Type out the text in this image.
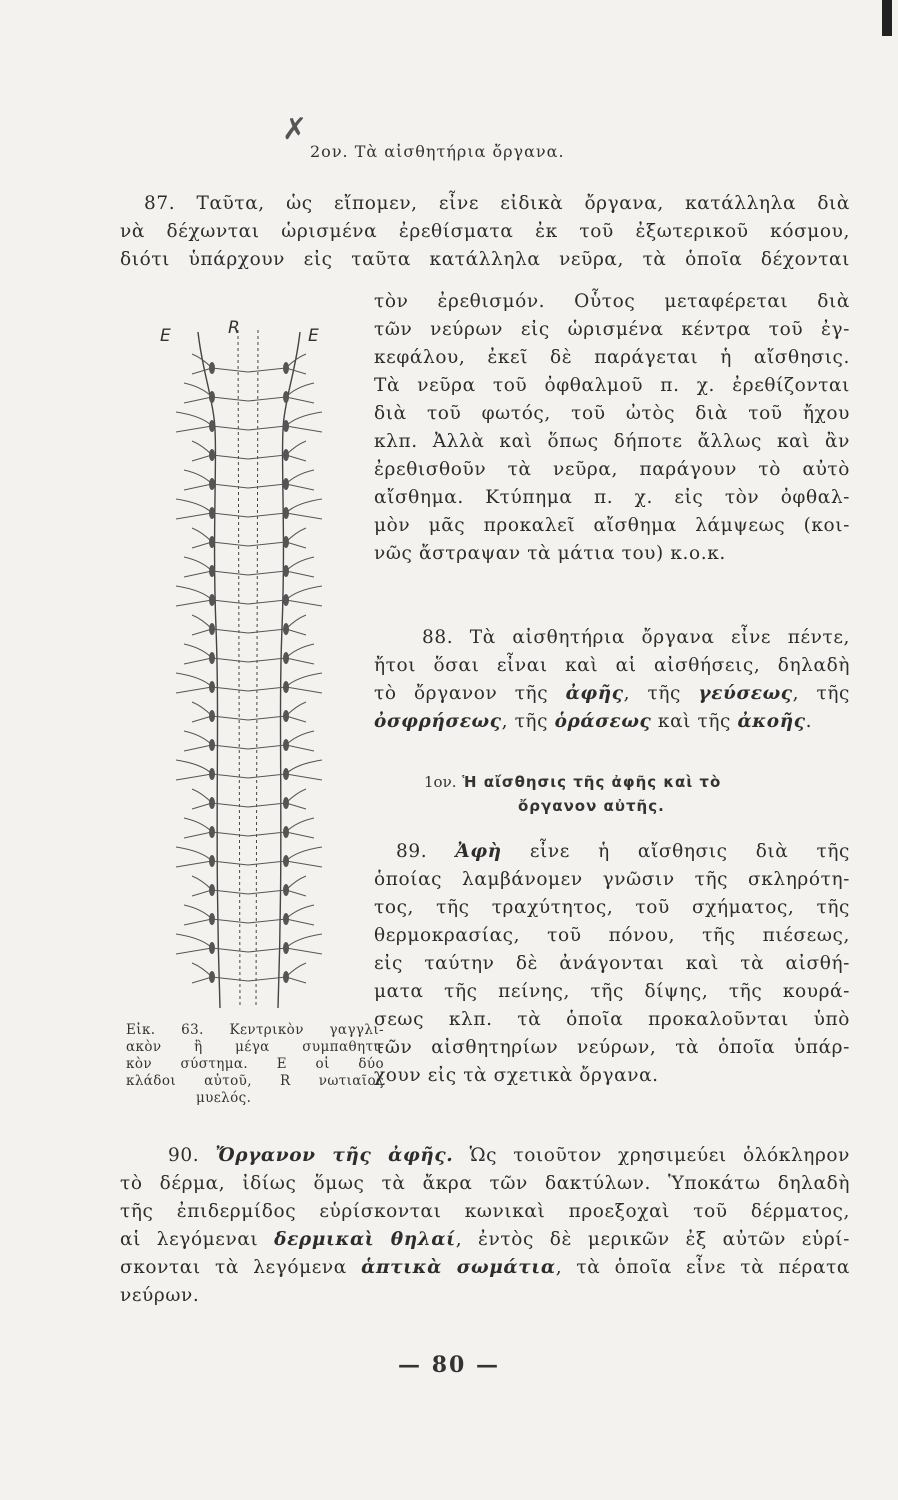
✗
2ον. Τὰ αἰσθητήρια ὄργανα.
87. Ταῦτα, ὡς εἴπομεν, εἶνε εἰδικὰ ὄργανα, κατάλληλα διὰ
νὰ δέχωνται ὡρισμένα ἐρεθίσματα ἐκ τοῦ ἐξωτερικοῦ κόσμου,
διότι ὑπάρχουν εἰς ταῦτα κατάλληλα νεῦρα, τὰ ὁποῖα δέχονται
τὸν ἐρεθισμόν. Οὗτος μεταφέρεται διὰ
τῶν νεύρων εἰς ὡρισμένα κέντρα τοῦ ἐγ-
κεφάλου, ἐκεῖ δὲ παράγεται ἡ αἴσθησις.
Τὰ νεῦρα τοῦ ὀφθαλμοῦ π. χ. ἐρεθίζονται
διὰ τοῦ φωτός, τοῦ ὠτὸς διὰ τοῦ ἤχου
κλπ. Ἀλλὰ καὶ ὅπως δήποτε ἄλλως καὶ ἂν
ἐρεθισθοῦν τὰ νεῦρα, παράγουν τὸ αὐτὸ
αἴσθημα. Κτύπημα π. χ. εἰς τὸν ὀφθαλ-
μὸν μᾶς προκαλεῖ αἴσθημα λάμψεως (κοι-
νῶς ἄστραψαν τὰ μάτια του) κ.ο.κ.
88. Τὰ αἰσθητήρια ὄργανα εἶνε πέντε,
ἤτοι ὅσαι εἶναι καὶ αἱ αἰσθήσεις, δηλαδὴ
τὸ ὄργανον τῆς ἀφῆς, τῆς γεύσεως, τῆς
ὀσφρήσεως, τῆς ὁράσεως καὶ τῆς ἀκοῆς.
1ον. Ἡ αἴσθησις τῆς ἀφῆς καὶ τὸ
ὄργανον αὐτῆς.
89. Ἀφὴ εἶνε ἡ αἴσθησις διὰ τῆς
ὁποίας λαμβάνομεν γνῶσιν τῆς σκληρότη-
τος, τῆς τραχύτητος, τοῦ σχήματος, τῆς
θερμοκρασίας, τοῦ πόνου, τῆς πιέσεως,
εἰς ταύτην δὲ ἀνάγονται καὶ τὰ αἰσθή-
ματα τῆς πείνης, τῆς δίψης, τῆς κουρά-
σεως κλπ. τὰ ὁποῖα προκαλοῦνται ὑπὸ
τῶν αἰσθητηρίων νεύρων, τὰ ὁποῖα ὑπάρ-
χουν εἰς τὰ σχετικὰ ὄργανα.
E	R	E
Εἰκ. 63. Κεντρικὸν γαγγλι-
ακὸν ἢ μέγα συμπαθητι-
κὸν σύστημα. E οἱ δύο
κλάδοι αὐτοῦ, R νωτιαῖος
μυελός.
90. Ὄργανον τῆς ἀφῆς. Ὡς τοιοῦτον χρησιμεύει ὁλόκληρον
τὸ δέρμα, ἰδίως ὅμως τὰ ἄκρα τῶν δακτύλων. Ὑποκάτω δηλαδὴ
τῆς ἐπιδερμίδος εὑρίσκονται κωνικαὶ προεξοχαὶ τοῦ δέρματος,
αἱ λεγόμεναι δερμικαὶ θηλαί, ἐντὸς δὲ μερικῶν ἐξ αὐτῶν εὑρί-
σκονται τὰ λεγόμενα ἁπτικὰ σωμάτια, τὰ ὁποῖα εἶνε τὰ πέρατα
νεύρων.
— 80 —
